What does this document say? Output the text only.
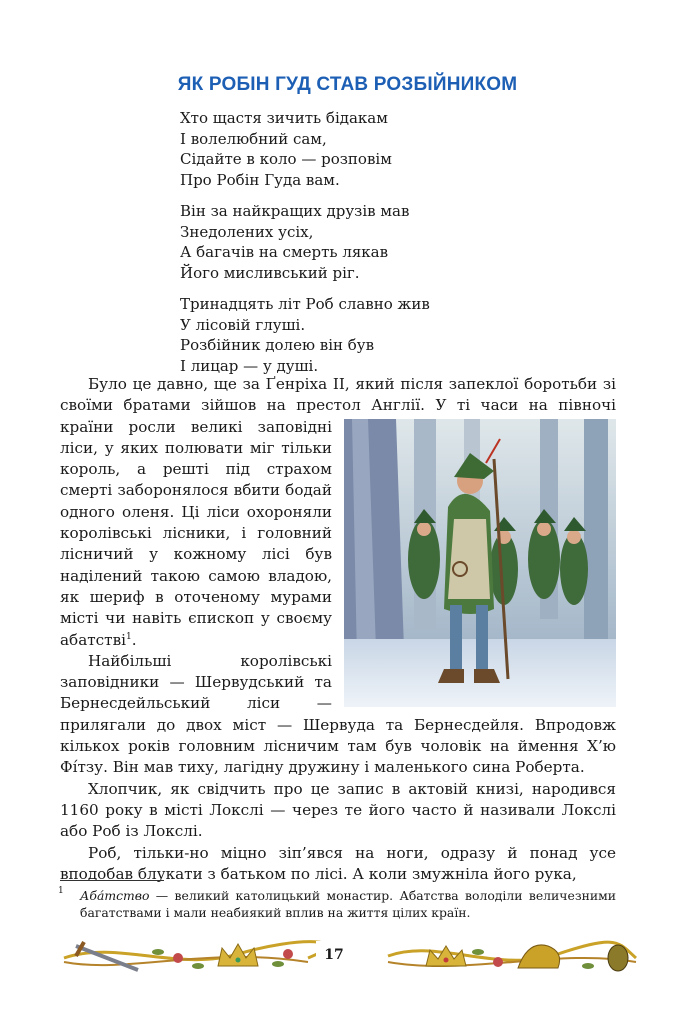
ЯК РОБІН ГУД СТАВ РОЗБІЙНИКОМ
Хто щастя зичить бідакам
І волелюбний сам,
Сідайте в коло — розповім
Про Робін Гуда вам.
Він за найкращих друзів мав
Знедолених усіх,
А багачів на смерть лякав
Його мисливський ріг.
Тринадцять літ Роб славно жив
У лісовій глуші.
Розбійник долею він був
І лицар — у душі.

Було це давно, ще за Ґенріха ІІ, який після запеклої боротьби зі своїми братами зійшов на престол Англії. У ті часи на
півночі країни росли великі заповідні ліси, у яких полювати міг тільки король, а решті під страхом смерті заборонялося вбити бодай одного оленя. Ці ліси охороняли королівські лісники, і головний лісничий у кожному лісі був наділений такою самою владою, як шериф в оточеному мурами місті чи навіть єпископ у своєму абатстві$^1$.

Найбільші королівські заповідники — Шервудський та Бернесдейльський ліси — прилягали до двох міст — Шервуда та Бернесдейля. Впродовж кількох років головним лісничим там був чоловік на ймення Х’ю Фі́тзу. Він мав тиху, лагідну дружину і маленького сина Роберта.

Хлопчик, як свідчить про це запис в актовій книзі, народився 1160 року в місті Локслі — через те його часто й називали Локслі або Роб із Локслі.

Роб, тільки-но міцно зіп’явся на ноги, одразу й понад усе вподобав блукати з батьком по лісі. А коли змужніла його рука,

1	Аба́тство — великий католицький монастир. Абатства володіли величезними багатствами і мали неабиякий вплив на життя цілих країн.
17
